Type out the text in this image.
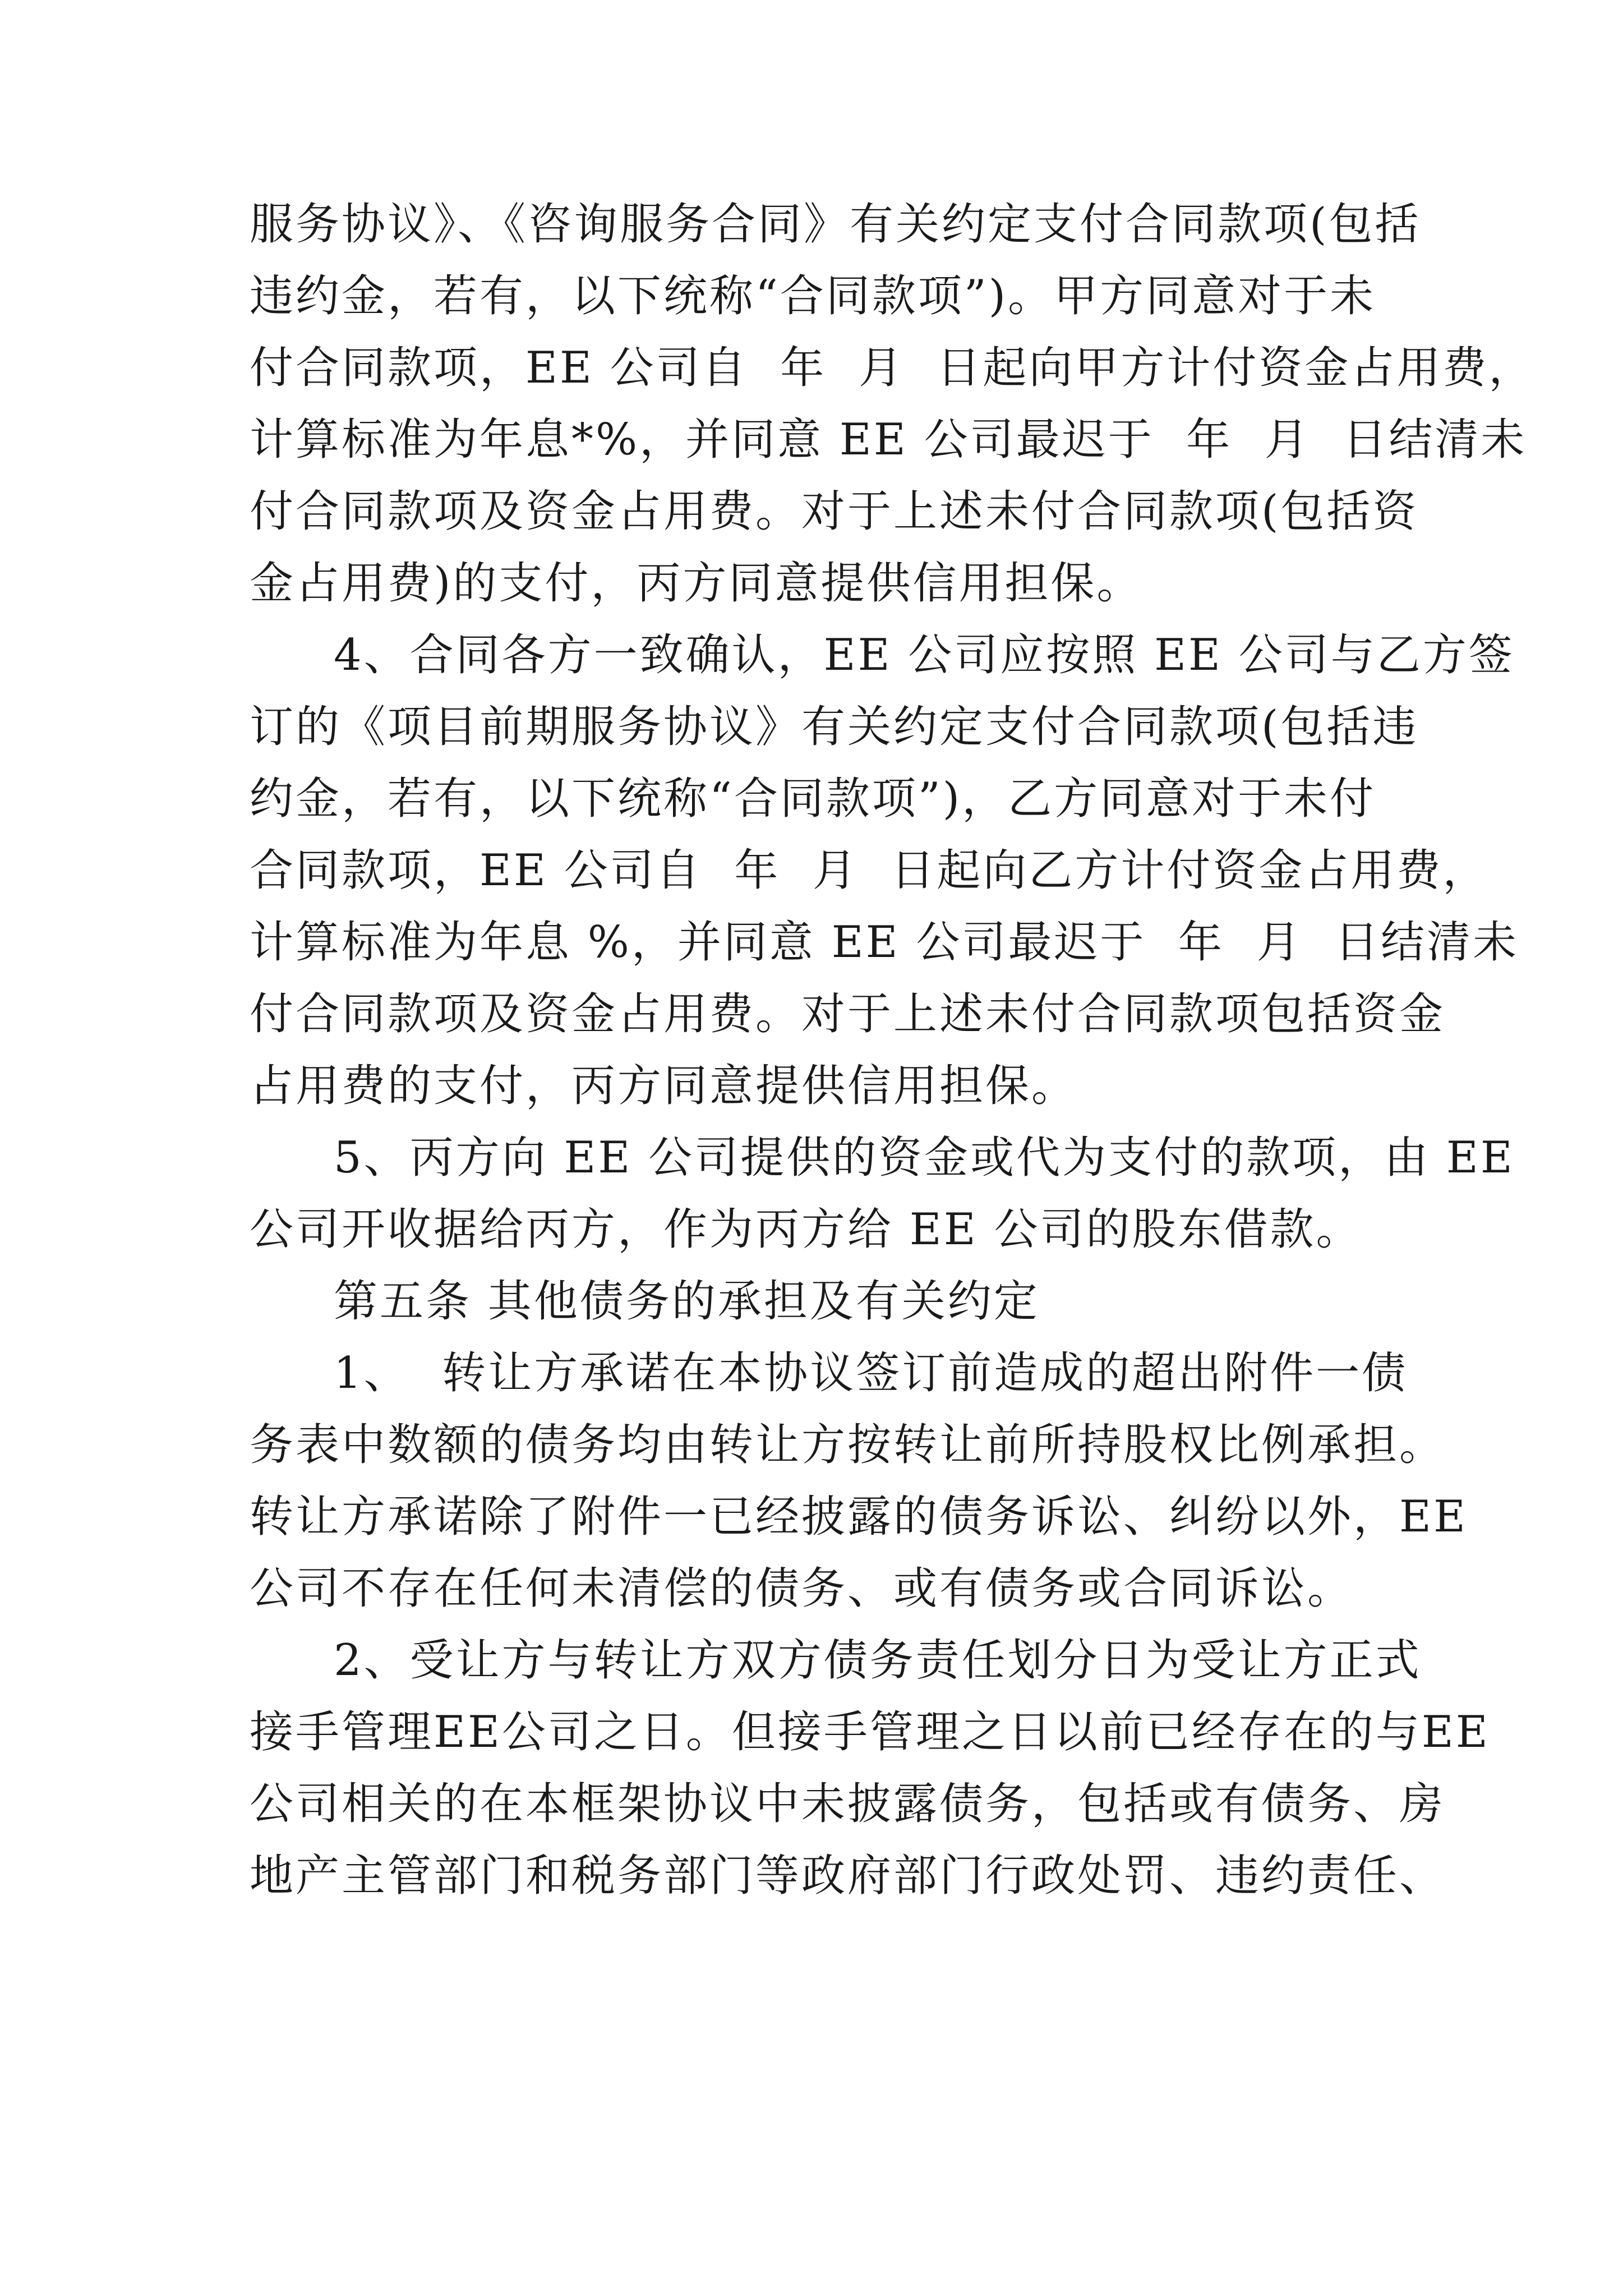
服务协议》、《咨询服务合同》有关约定支付合同款项(包括
违约金，若有，以下统称“合同款项”)。甲方同意对于未
付合同款项，EE 公司自  年  月  日起向甲方计付资金占用费，
计算标准为年息*%，并同意 EE 公司最迟于  年  月  日结清未
付合同款项及资金占用费。对于上述未付合同款项(包括资
金占用费)的支付，丙方同意提供信用担保。
4、合同各方一致确认，EE 公司应按照 EE 公司与乙方签
订的《项目前期服务协议》有关约定支付合同款项(包括违
约金，若有，以下统称“合同款项”)，乙方同意对于未付
合同款项，EE 公司自  年  月  日起向乙方计付资金占用费，
计算标准为年息 %，并同意 EE 公司最迟于  年  月  日结清未
付合同款项及资金占用费。对于上述未付合同款项包括资金
占用费的支付，丙方同意提供信用担保。
5、丙方向 EE 公司提供的资金或代为支付的款项，由 EE
公司开收据给丙方，作为丙方给 EE 公司的股东借款。
第五条 其他债务的承担及有关约定
1、  转让方承诺在本协议签订前造成的超出附件一债
务表中数额的债务均由转让方按转让前所持股权比例承担。
转让方承诺除了附件一已经披露的债务诉讼、纠纷以外，EE
公司不存在任何未清偿的债务、或有债务或合同诉讼。
2、受让方与转让方双方债务责任划分日为受让方正式
接手管理EE公司之日。但接手管理之日以前已经存在的与EE
公司相关的在本框架协议中未披露债务，包括或有债务、房
地产主管部门和税务部门等政府部门行政处罚、违约责任、
